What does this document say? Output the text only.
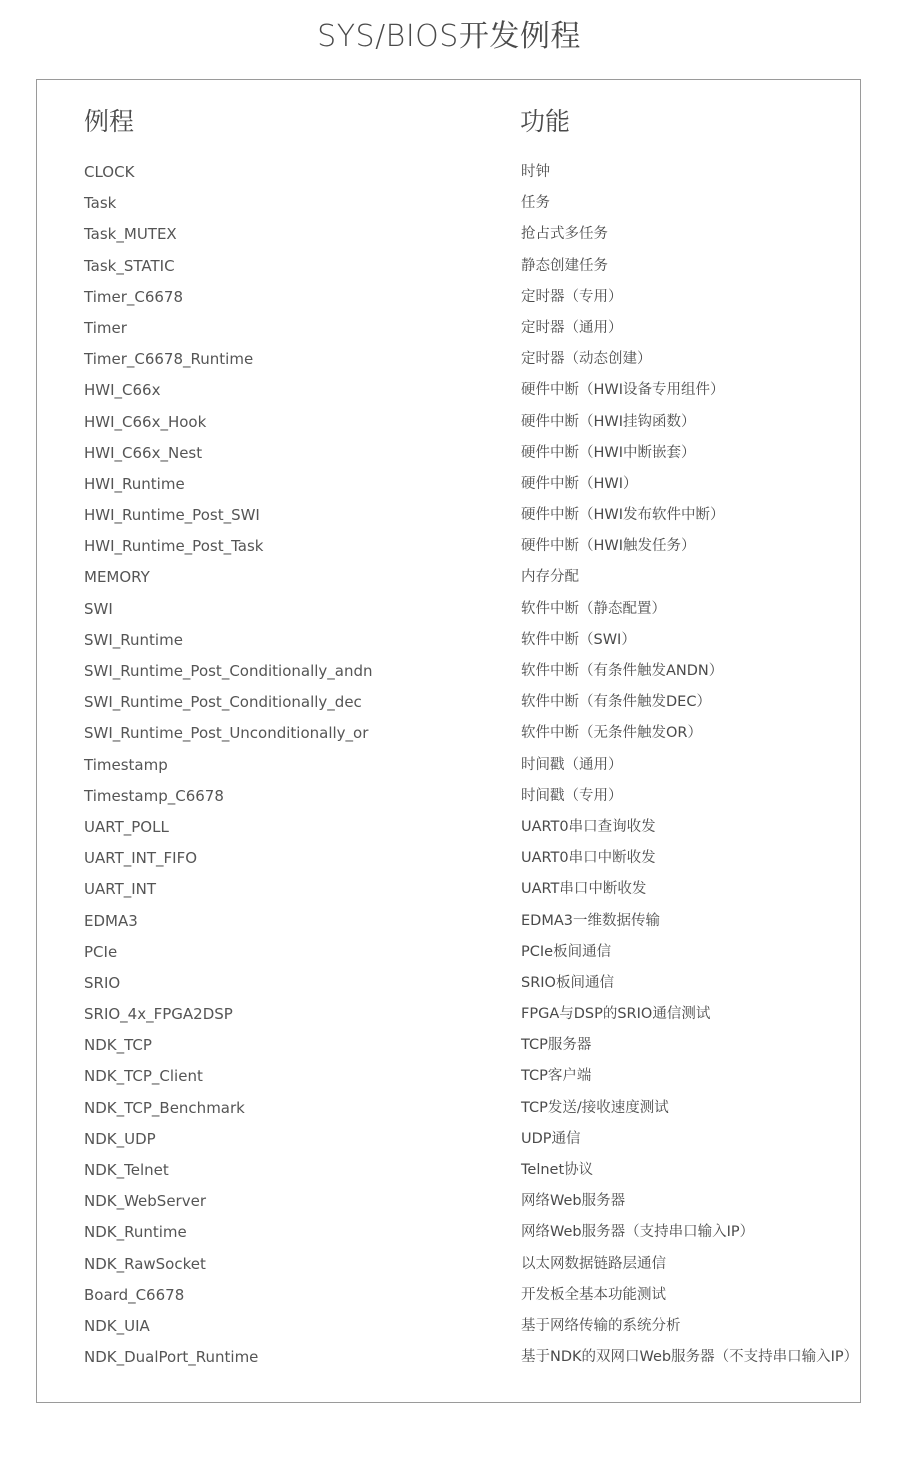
SYS/BIOS开发例程
例程	功能
CLOCK	时钟
Task	任务
Task_MUTEX	抢占式多任务
Task_STATIC	静态创建任务
Timer_C6678	定时器（专用）
Timer	定时器（通用）
Timer_C6678_Runtime	定时器（动态创建）
HWI_C66x	硬件中断（HWI设备专用组件）
HWI_C66x_Hook	硬件中断（HWI挂钩函数）
HWI_C66x_Nest	硬件中断（HWI中断嵌套）
HWI_Runtime	硬件中断（HWI）
HWI_Runtime_Post_SWI	硬件中断（HWI发布软件中断）
HWI_Runtime_Post_Task	硬件中断（HWI触发任务）
MEMORY	内存分配
SWI	软件中断（静态配置）
SWI_Runtime	软件中断（SWI）
SWI_Runtime_Post_Conditionally_andn	软件中断（有条件触发ANDN）
SWI_Runtime_Post_Conditionally_dec	软件中断（有条件触发DEC）
SWI_Runtime_Post_Unconditionally_or	软件中断（无条件触发OR）
Timestamp	时间戳（通用）
Timestamp_C6678	时间戳（专用）
UART_POLL	UART0串口查询收发
UART_INT_FIFO	UART0串口中断收发
UART_INT	UART串口中断收发
EDMA3	EDMA3一维数据传输
PCIe	PCIe板间通信
SRIO	SRIO板间通信
SRIO_4x_FPGA2DSP	FPGA与DSP的SRIO通信测试
NDK_TCP	TCP服务器
NDK_TCP_Client	TCP客户端
NDK_TCP_Benchmark	TCP发送/接收速度测试
NDK_UDP	UDP通信
NDK_Telnet	Telnet协议
NDK_WebServer	网络Web服务器
NDK_Runtime	网络Web服务器（支持串口输入IP）
NDK_RawSocket	以太网数据链路层通信
Board_C6678	开发板全基本功能测试
NDK_UIA	基于网络传输的系统分析
NDK_DualPort_Runtime	基于NDK的双网口Web服务器（不支持串口输入IP）
